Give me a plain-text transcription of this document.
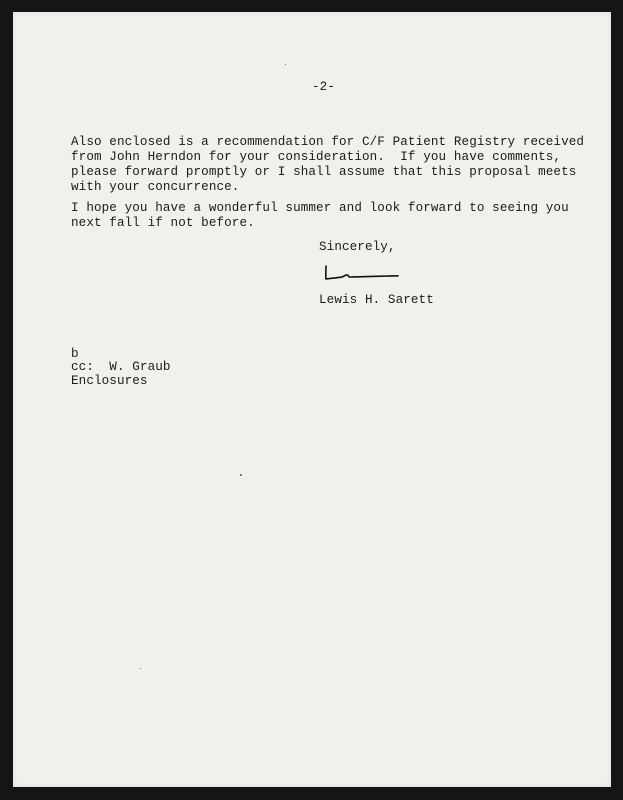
-2-
Also enclosed is a recommendation for C/F Patient Registry received
from John Herndon for your consideration.  If you have comments,
please forward promptly or I shall assume that this proposal meets
with your concurrence.
I hope you have a wonderful summer and look forward to seeing you
next fall if not before.
Sincerely,
Lewis H. Sarett
b
cc:  W. Graub
Enclosures
